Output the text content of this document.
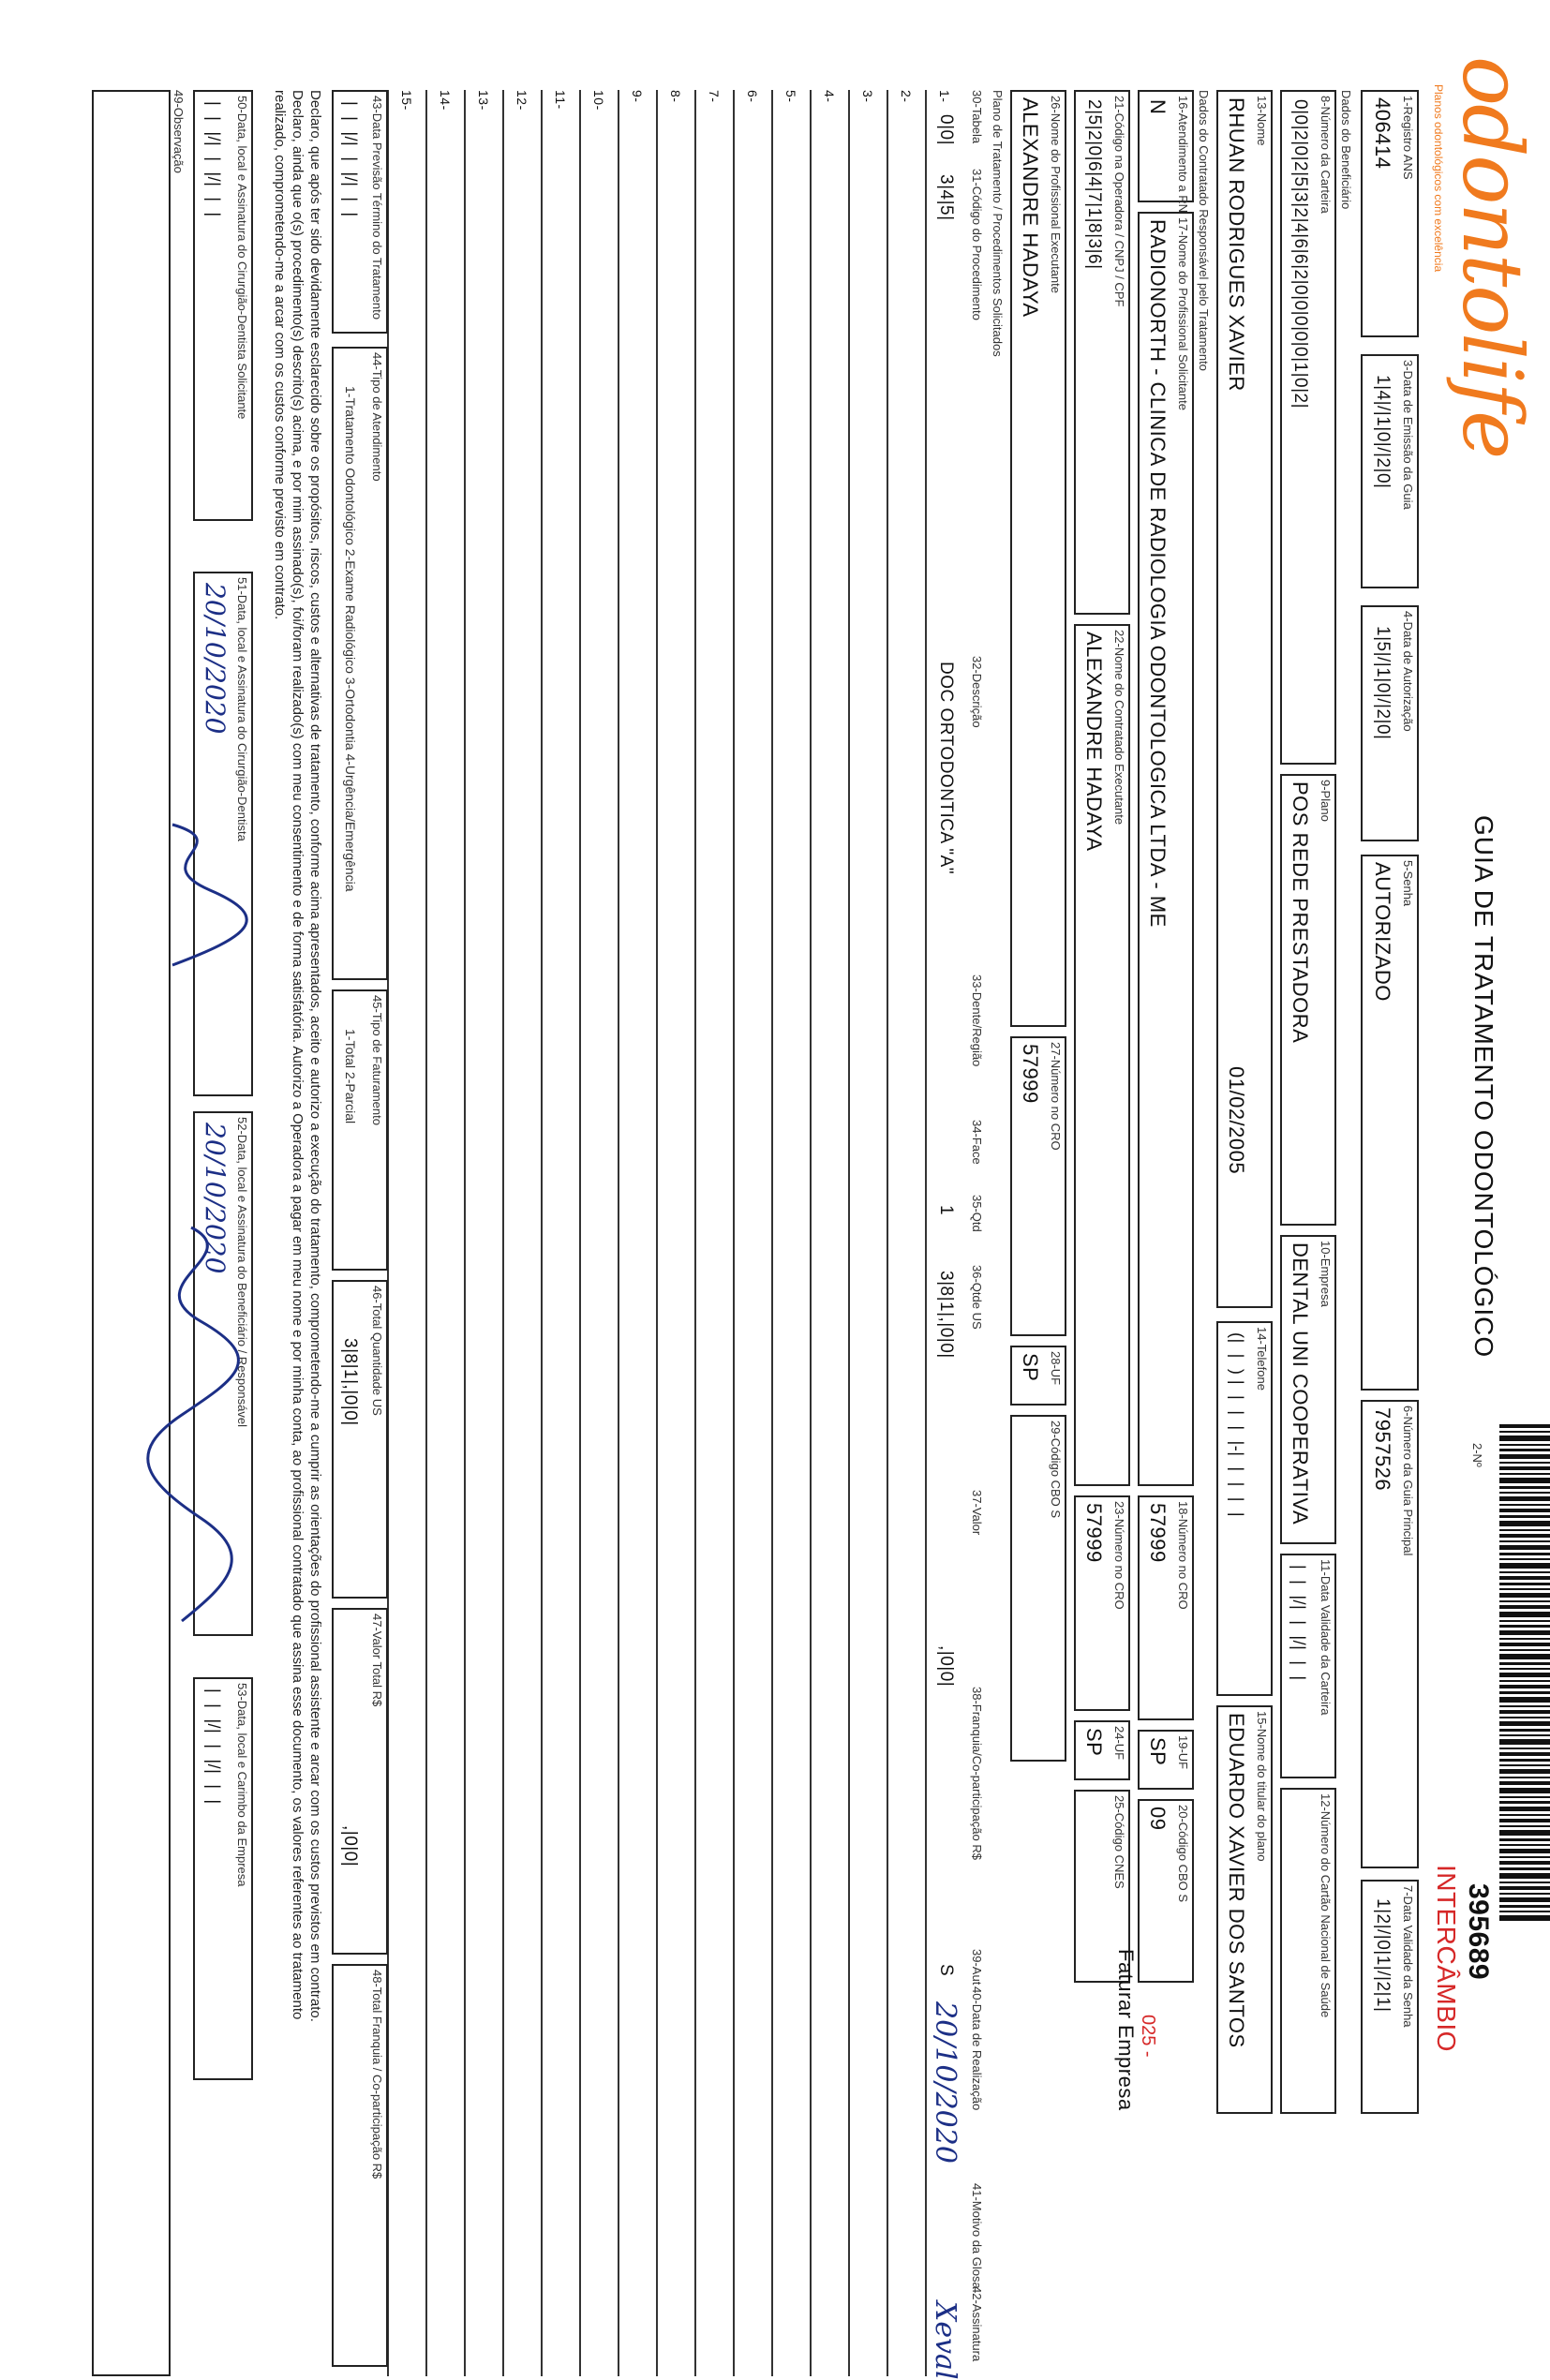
odontolife
Planos odontológicos com excelência
GUIA DE TRATAMENTO ODONTOLÓGICO
2-Nº
395689
INTERCÂMBIO
1-Registro ANS
406414
3-Data de Emissão da Guia
1|4|/|1|0|/|2|0|
4-Data de Autorização
1|5|/|1|0|/|2|0|
5-Senha
AUTORIZADO
6-Número da Guia Principal
7957526
7-Data Validade da Senha
1|2|/|0|1|/|2|1|
Dados do Beneficiário
8-Número da Carteira
0|0|2|0|2|5|3|2|4|6|6|2|0|0|0|0|0|1|0|2|
9-Plano
POS REDE PRESTADORA
10-Empresa
DENTAL UNI COOPERATIVA
11-Data Validade da Carteira
|  |  |/|  |  |/|  |  |
12-Número do Cartão Nacional de Saúde
13-Nome
RHUAN RODRIGUES XAVIER
01/02/2005
14-Telefone
(|  |  ) |  |  |  |  |-|  |  |  |  |
15-Nome do titular do plano
EDUARDO XAVIER DOS SANTOS
Dados do Contratado Responsável pelo Tratamento
16-Atendimento a RN
N
17-Nome do Profissional Solicitante
RADIONORTH - CLINICA DE RADIOLOGIA ODONTOLOGICA LTDA - ME
18-Número no CRO
57999
19-UF
SP
20-Código CBO S
09
21-Código na Operadora / CNPJ / CPF
2|5|2|0|6|4|7|1|8|3|6|
22-Nome do Contratado Executante
ALEXANDRE HADAYA
23-Número no CRO
57999
24-UF
SP
25-Código CNES
025 -
Faturar Empresa
26-Nome do Profissional Executante
ALEXANDRE HADAYA
27-Número no CRO
57999
28-UF
SP
29-Código CBO S
Plano de Tratamento / Procedimentos Solicitados
30-Tabela
31-Código do Procedimento
32-Descrição
33-Dente/Região
34-Face
35-Qtd
36-Qtde US
37-Valor
38-Franquia/Co-participação R$
39-Aut
40-Data de Realização
41-Motivo da Glosa
42-Assinatura
1-
0|0|
3|4|5|
DOC ORTODONTICA "A"
1
3|8|1|,|0|0|
,|0|0|
S
20/10/2020
Xeval
2-
3-
4-
5-
6-
7-
8-
9-
10-
11-
12-
13-
14-
15-
43-Data Previsão Término do Tratamento
|  |  |/|  |  |/|  |  |
44-Tipo de Atendimento
1-Tratamento Odontológico 2-Exame Radiológico 3-Ortodontia 4-Urgência/Emergência
45-Tipo de Faturamento
1-Total 2-Parcial
46-Total Quantidade US
3|8|1|,|0|0|
47-Valor Total R$
,|0|0|
48-Total Franquia / Co-participação R$
Declaro, que após ter sido devidamente esclarecido sobre os propósitos, riscos, custos e alternativas de tratamento, conforme acima apresentados, aceito e autorizo a execução do tratamento, comprometendo-me a cumprir as orientações do profissional assistente e arcar com os custos previstos em contrato. Declaro, ainda que o(s) procedimento(s) descrito(s) acima, e por mim assinado(s), foi/foram realizado(s) com meu consentimento e de forma satisfatória. Autorizo a Operadora a pagar em meu nome e por minha conta, ao profissional contratado que assina esse documento, os valores referentes ao tratamento realizado, comprometendo-me a arcar com os custos conforme previsto em contrato.
50-Data, local e Assinatura do Cirurgião-Dentista Solicitante
|  |  |/|  |  |/|  |  |
51-Data, local e Assinatura do Cirurgião-Dentista
20/10/2020
52-Data, local e Assinatura do Beneficiário / Responsável
20/10/2020
53-Data, local e Carimbo da Empresa
|  |  |/|  |  |/|  |  |
49-Observação
